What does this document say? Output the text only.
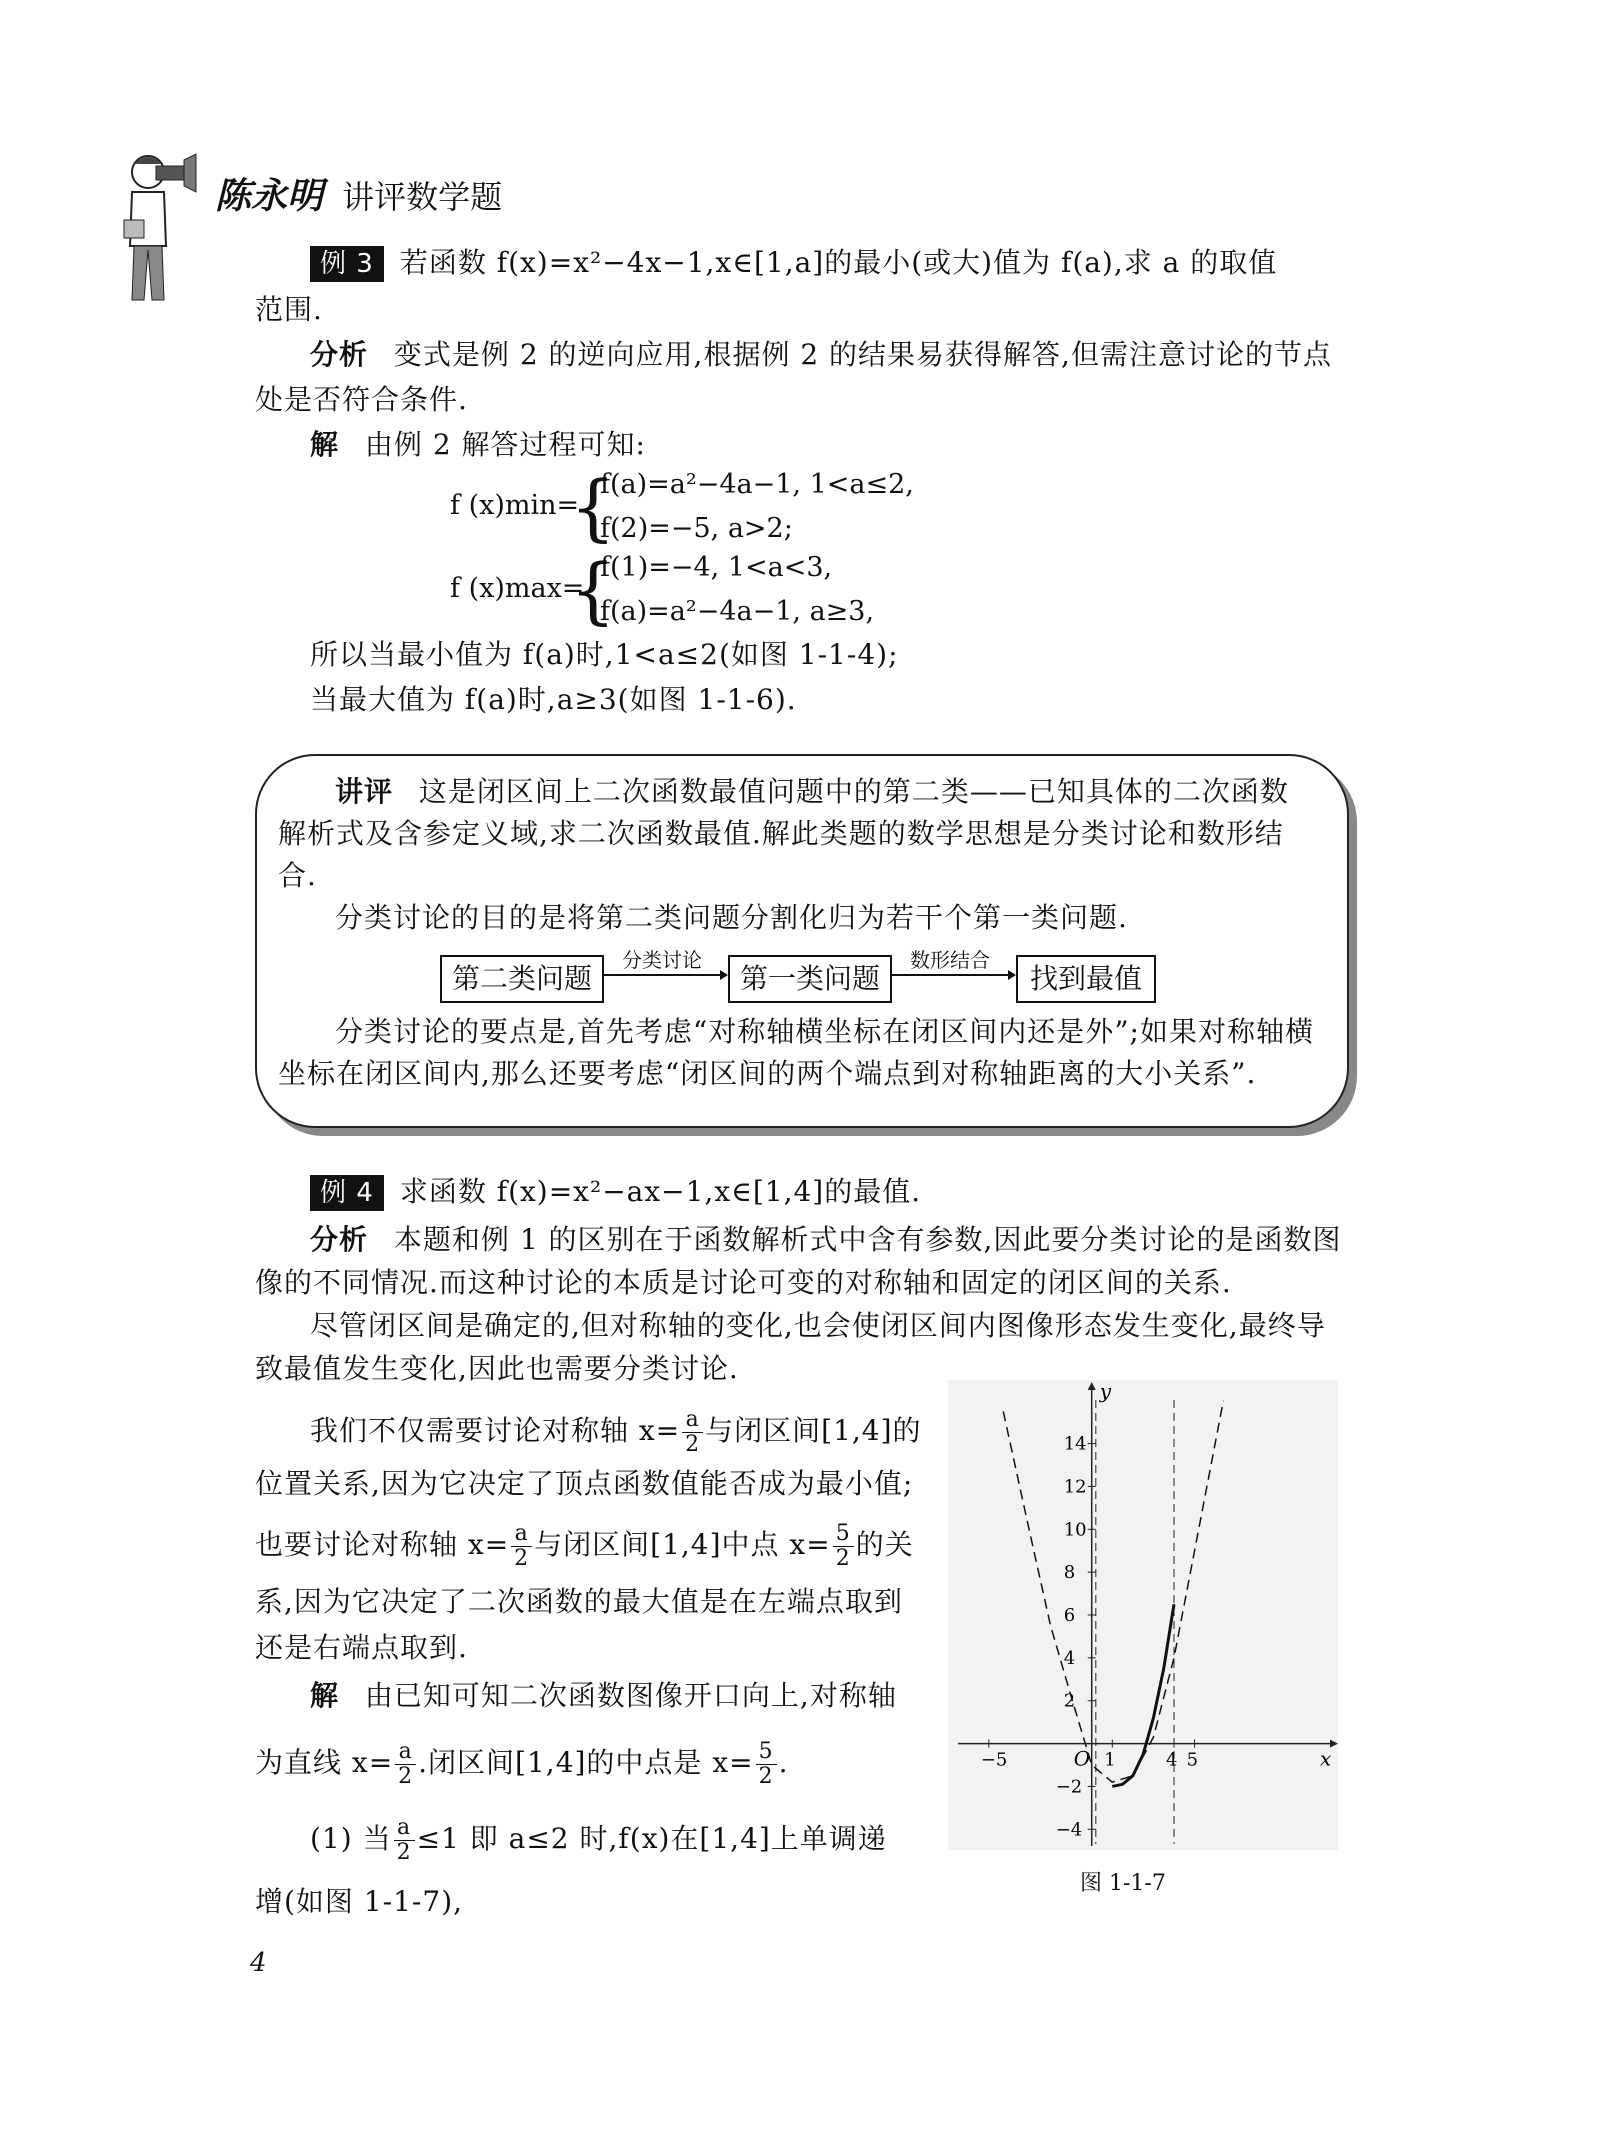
陈永明 讲评数学题
例 3 若函数 f(x)=x²−4x−1,x∈[1,a]的最小(或大)值为 f(a),求 a 的取值
范围.
分析 变式是例 2 的逆向应用,根据例 2 的结果易获得解答,但需注意讨论的节点
处是否符合条件.
解 由例 2 解答过程可知:
f (x)min=
{
f(a)=a²−4a−1, 1<a≤2,
f(2)=−5, a>2;
f (x)max=
{
f(1)=−4, 1<a<3,
f(a)=a²−4a−1, a≥3,
所以当最小值为 f(a)时,1<a≤2(如图 1-1-4);
当最大值为 f(a)时,a≥3(如图 1-1-6).
讲评 这是闭区间上二次函数最值问题中的第二类——已知具体的二次函数
解析式及含参定义域,求二次函数最值.解此类题的数学思想是分类讨论和数形结
合.
分类讨论的目的是将第二类问题分割化归为若干个第一类问题.
第二类问题
分类讨论
第一类问题
数形结合
找到最值
分类讨论的要点是,首先考虑“对称轴横坐标在闭区间内还是外”;如果对称轴横
坐标在闭区间内,那么还要考虑“闭区间的两个端点到对称轴距离的大小关系”.
例 4 求函数 f(x)=x²−ax−1,x∈[1,4]的最值.
分析 本题和例 1 的区别在于函数解析式中含有参数,因此要分类讨论的是函数图
像的不同情况.而这种讨论的本质是讨论可变的对称轴和固定的闭区间的关系.
尽管闭区间是确定的,但对称轴的变化,也会使闭区间内图像形态发生变化,最终导
致最值发生变化,因此也需要分类讨论.
我们不仅需要讨论对称轴 $x= \frac{a}{2}$ 与闭区间[1,4]的
位置关系,因为它决定了顶点函数值能否成为最小值;
也要讨论对称轴 $x= \frac{a}{2}$ 与闭区间[1,4]中点 $x= \frac{5}{2}$ 的关
系,因为它决定了二次函数的最大值是在左端点取到
还是右端点取到.
解 由已知可知二次函数图像开口向上,对称轴
为直线 $x= \frac{a}{2}$ .闭区间[1,4]的中点是 $x= \frac{5}{2}$ .
(1) 当 $\frac{a}{2} \le 1$ 即 a≤2 时,f(x)在[1,4]上单调递
增(如图 1-1-7),
x
y
O
−5	1	4 5
−4
−2
2
4
6
8
10
12
14
图 1-1-7
4
